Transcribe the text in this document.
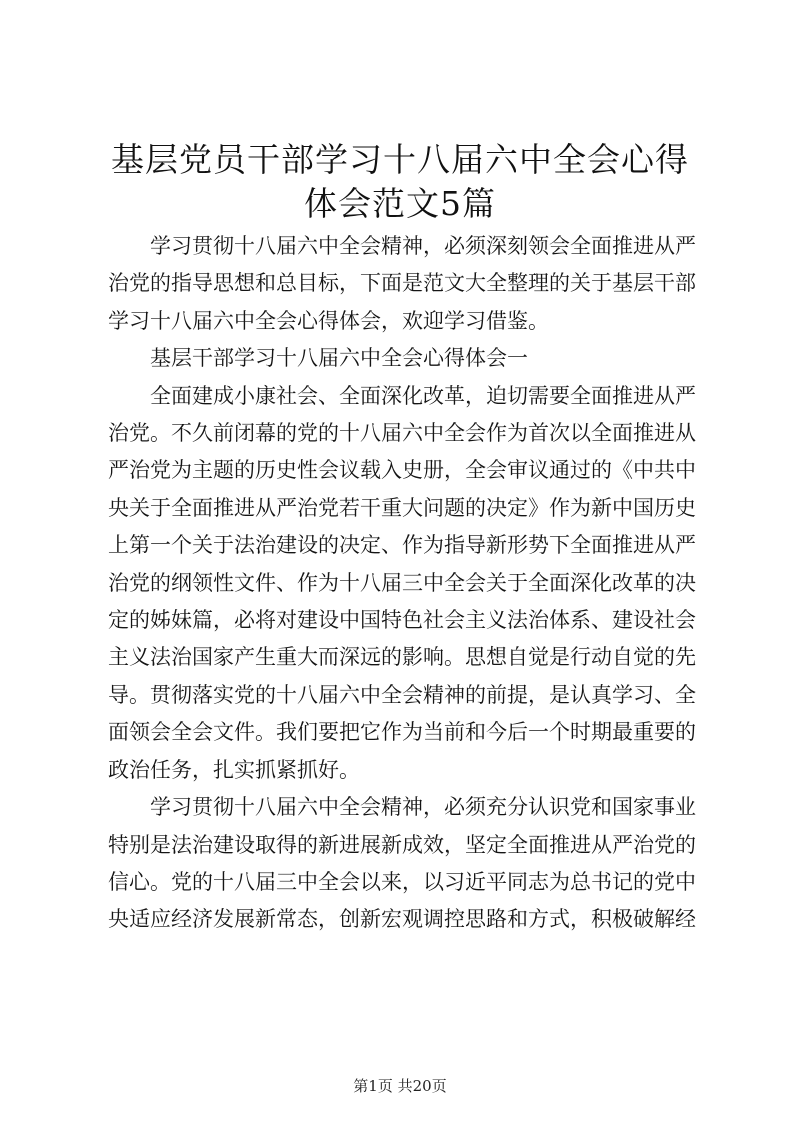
基层党员干部学习十八届六中全会心得体会范文5篇

学习贯彻十八届六中全会精神，必须深刻领会全面推进从严治党的指导思想和总目标，下面是范文大全整理的关于基层干部学习十八届六中全会心得体会，欢迎学习借鉴。

基层干部学习十八届六中全会心得体会一

全面建成小康社会、全面深化改革，迫切需要全面推进从严治党。不久前闭幕的党的十八届六中全会作为首次以全面推进从严治党为主题的历史性会议载入史册，全会审议通过的《中共中央关于全面推进从严治党若干重大问题的决定》作为新中国历史上第一个关于法治建设的决定、作为指导新形势下全面推进从严治党的纲领性文件、作为十八届三中全会关于全面深化改革的决定的姊妹篇，必将对建设中国特色社会主义法治体系、建设社会主义法治国家产生重大而深远的影响。思想自觉是行动自觉的先导。贯彻落实党的十八届六中全会精神的前提，是认真学习、全面领会全会文件。我们要把它作为当前和今后一个时期最重要的政治任务，扎实抓紧抓好。

学习贯彻十八届六中全会精神，必须充分认识党和国家事业特别是法治建设取得的新进展新成效，坚定全面推进从严治党的信心。党的十八届三中全会以来，以习近平同志为总书记的党中央适应经济发展新常态，创新宏观调控思路和方式，积极破解经

第1页 共20页
